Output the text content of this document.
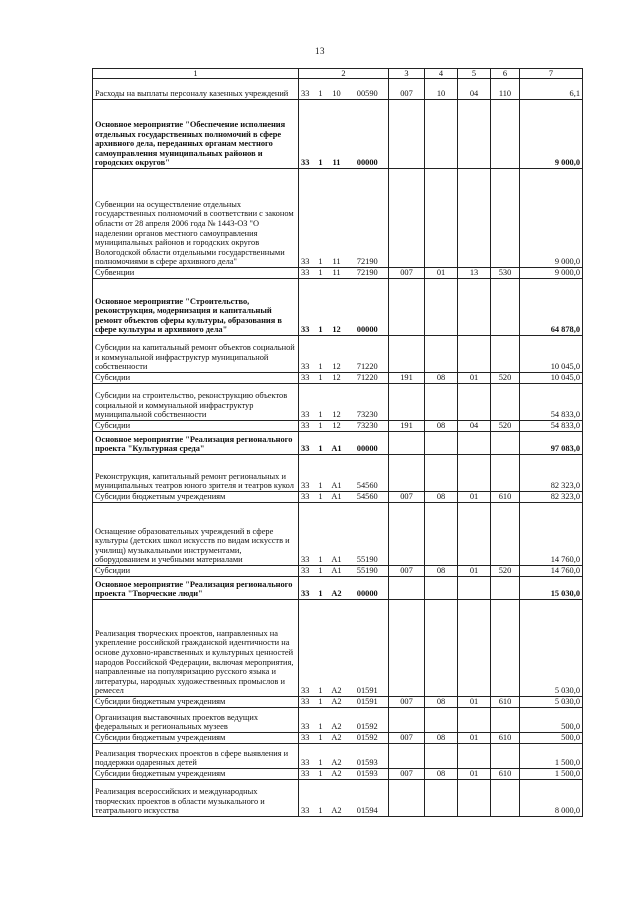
13
1	2				3	4	5	6	7
Расходы на выплаты персоналу казенных учреждений	33	1	10	00590	007	10	04	110	6,1
Основное мероприятие "Обеспечение исполнения отдельных государственных полномочий в сфере архивного дела, переданных органам местного самоуправления муниципальных районов и городских округов"	33	1	11	00000					9 000,0
Субвенции на осуществление отдельных государственных полномочий в соответствии с законом области от 28 апреля 2006 года № 1443-ОЗ "О наделении органов местного самоуправления муниципальных районов и городских округов Вологодской области отдельными государственными полномочиями в сфере архивного дела"	33	1	11	72190					9 000,0
Субвенции	33	1	11	72190	007	01	13	530	9 000,0
Основное мероприятие "Строительство, реконструкция, модернизация и капитальный ремонт объектов сферы культуры, образования в сфере культуры и архивного дела"	33	1	12	00000					64 878,0
Субсидии на капитальный ремонт объектов социальной и коммунальной инфраструктур муниципальной собственности	33	1	12	71220					10 045,0
Субсидии	33	1	12	71220	191	08	01	520	10 045,0
Субсидии на строительство, реконструкцию объектов социальной и коммунальной инфраструктур муниципальной собственности	33	1	12	73230					54 833,0
Субсидии	33	1	12	73230	191	08	04	520	54 833,0
Основное мероприятие "Реализация регионального проекта "Культурная среда"	33	1	А1	00000					97 083,0
Реконструкция, капитальный ремонт региональных и муниципальных театров юного зрителя и театров кукол	33	1	А1	54560					82 323,0
Субсидии бюджетным учреждениям	33	1	А1	54560	007	08	01	610	82 323,0
Оснащение образовательных учреждений в сфере культуры (детских школ искусств по видам искусств и училищ) музыкальными инструментами, оборудованием и учебными материалами	33	1	А1	55190					14 760,0
Субсидии	33	1	А1	55190	007	08	01	520	14 760,0
Основное мероприятие "Реализация регионального проекта "Творческие люди"	33	1	А2	00000					15 030,0
Реализация творческих проектов, направленных на укрепление российской гражданской идентичности на основе духовно-нравственных и культурных ценностей народов Российской Федерации, включая мероприятия, направленные на популяризацию русского языка и литературы, народных художественных промыслов и ремесел	33	1	А2	01591					5 030,0
Субсидии бюджетным учреждениям	33	1	А2	01591	007	08	01	610	5 030,0
Организация выставочных проектов ведущих федеральных и региональных музеев	33	1	А2	01592					500,0
Субсидии бюджетным учреждениям	33	1	А2	01592	007	08	01	610	500,0
Реализация творческих проектов в сфере выявления и поддержки одаренных детей	33	1	А2	01593					1 500,0
Субсидии бюджетным учреждениям	33	1	А2	01593	007	08	01	610	1 500,0
Реализация всероссийских и международных творческих проектов в области музыкального и театрального искусства	33	1	А2	01594					8 000,0
